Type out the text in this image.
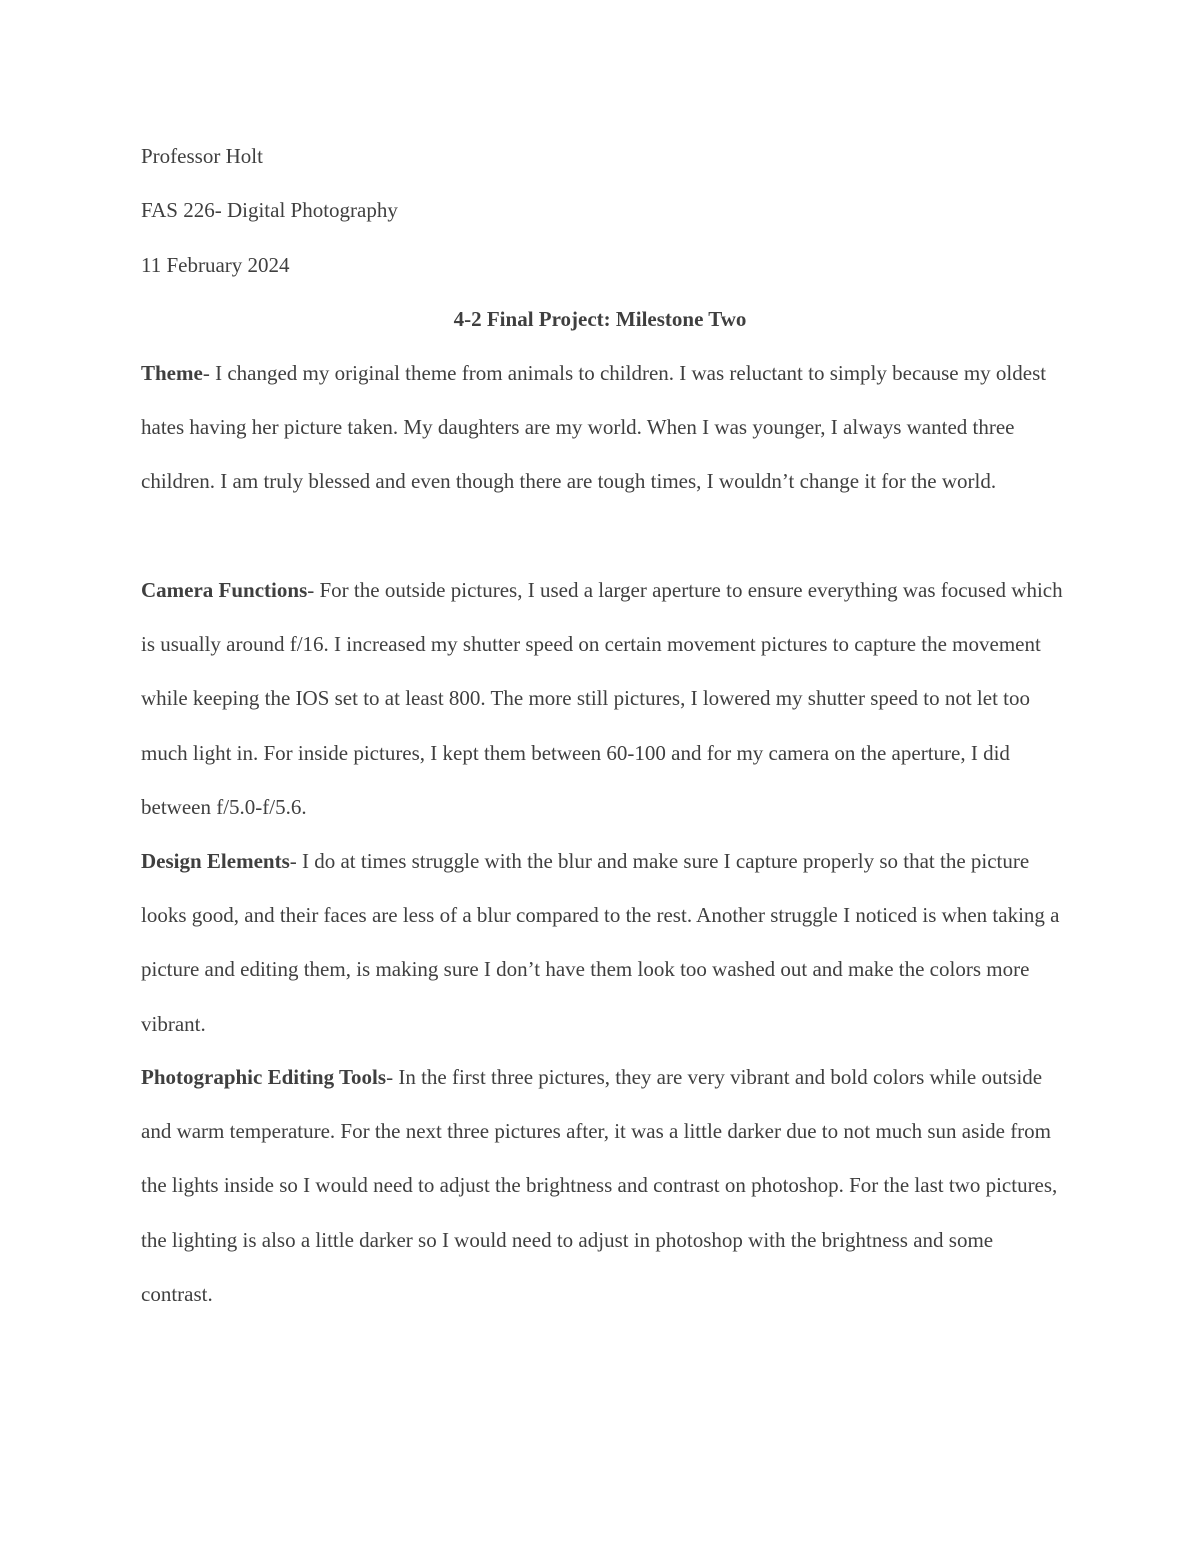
Professor Holt
FAS 226- Digital Photography
11 February 2024
4-2 Final Project: Milestone Two

Theme- I changed my original theme from animals to children. I was reluctant to simply because my oldest hates having her picture taken. My daughters are my world. When I was younger, I always wanted three children. I am truly blessed and even though there are tough times, I wouldn’t change it for the world.

Camera Functions- For the outside pictures, I used a larger aperture to ensure everything was focused which is usually around f/16. I increased my shutter speed on certain movement pictures to capture the movement while keeping the IOS set to at least 800. The more still pictures, I lowered my shutter speed to not let too much light in. For inside pictures, I kept them between 60-100 and for my camera on the aperture, I did between f/5.0-f/5.6.

Design Elements- I do at times struggle with the blur and make sure I capture properly so that the picture looks good, and their faces are less of a blur compared to the rest. Another struggle I noticed is when taking a picture and editing them, is making sure I don’t have them look too washed out and make the colors more vibrant.

Photographic Editing Tools- In the first three pictures, they are very vibrant and bold colors while outside and warm temperature. For the next three pictures after, it was a little darker due to not much sun aside from the lights inside so I would need to adjust the brightness and contrast on photoshop. For the last two pictures, the lighting is also a little darker so I would need to adjust in photoshop with the brightness and some contrast.
